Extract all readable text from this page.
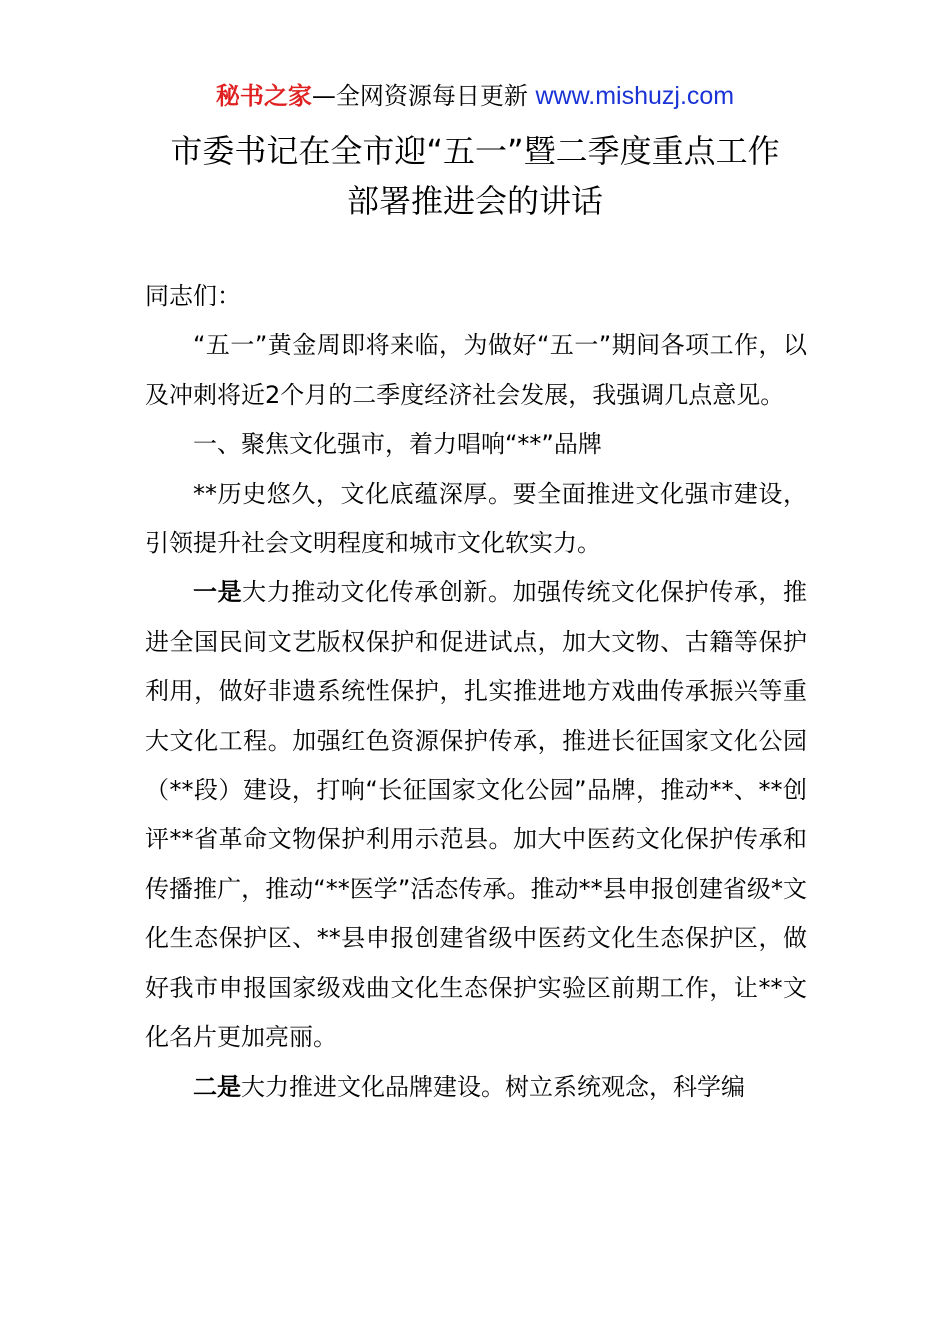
秘书之家—全网资源每日更新 www.mishuzj.com
市委书记在全市迎“五一”暨二季度重点工作
部署推进会的讲话

同志们：

“五一”黄金周即将来临，为做好“五一”期间各项工作，以及冲刺将近2个月的二季度经济社会发展，我强调几点意见。

一、聚焦文化强市，着力唱响“**”品牌

**历史悠久，文化底蕴深厚。要全面推进文化强市建设，引领提升社会文明程度和城市文化软实力。

一是大力推动文化传承创新。加强传统文化保护传承，推进全国民间文艺版权保护和促进试点，加大文物、古籍等保护利用，做好非遗系统性保护，扎实推进地方戏曲传承振兴等重大文化工程。加强红色资源保护传承，推进长征国家文化公园（**段）建设，打响“长征国家文化公园”品牌，推动**、**创评**省革命文物保护利用示范县。加大中医药文化保护传承和传播推广，推动“**医学”活态传承。推动**县申报创建省级*文化生态保护区、**县申报创建省级中医药文化生态保护区，做好我市申报国家级戏曲文化生态保护实验区前期工作，让**文化名片更加亮丽。

二是大力推进文化品牌建设。树立系统观念，科学编
